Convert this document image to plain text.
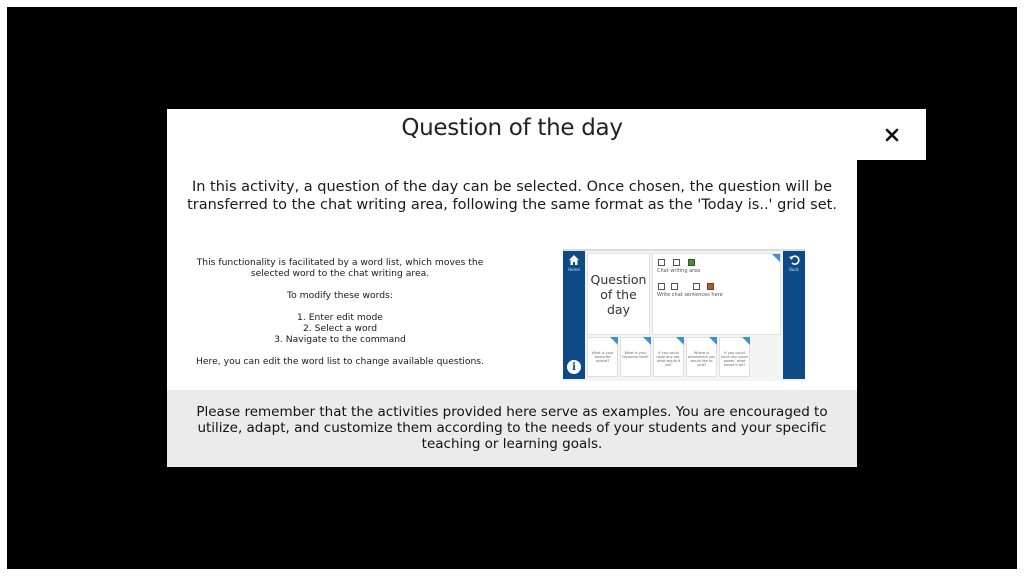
Question of the day
In this activity, a question of the day can be selected. Once chosen, the question will be transferred to the chat writing area, following the same format as the 'Today is..' grid set.

This functionality is facilitated by a word list, which moves the selected word to the chat writing area.

To modify these words:

1. Enter edit mode
2. Select a word
3. Navigate to the command

Here, you can edit the word list to change available questions.

Home
i
Question of the day
Chat writing area
Write chat sentences here
Back
What is your favourite animal?
What is your favourite food?
If you could have any pet, what would it be?
Where is somewhere you would like to visit?
If you could have any super power, what would it be?
Please remember that the activities provided here serve as examples. You are encouraged to utilize, adapt, and customize them according to the needs of your students and your specific teaching or learning goals.
